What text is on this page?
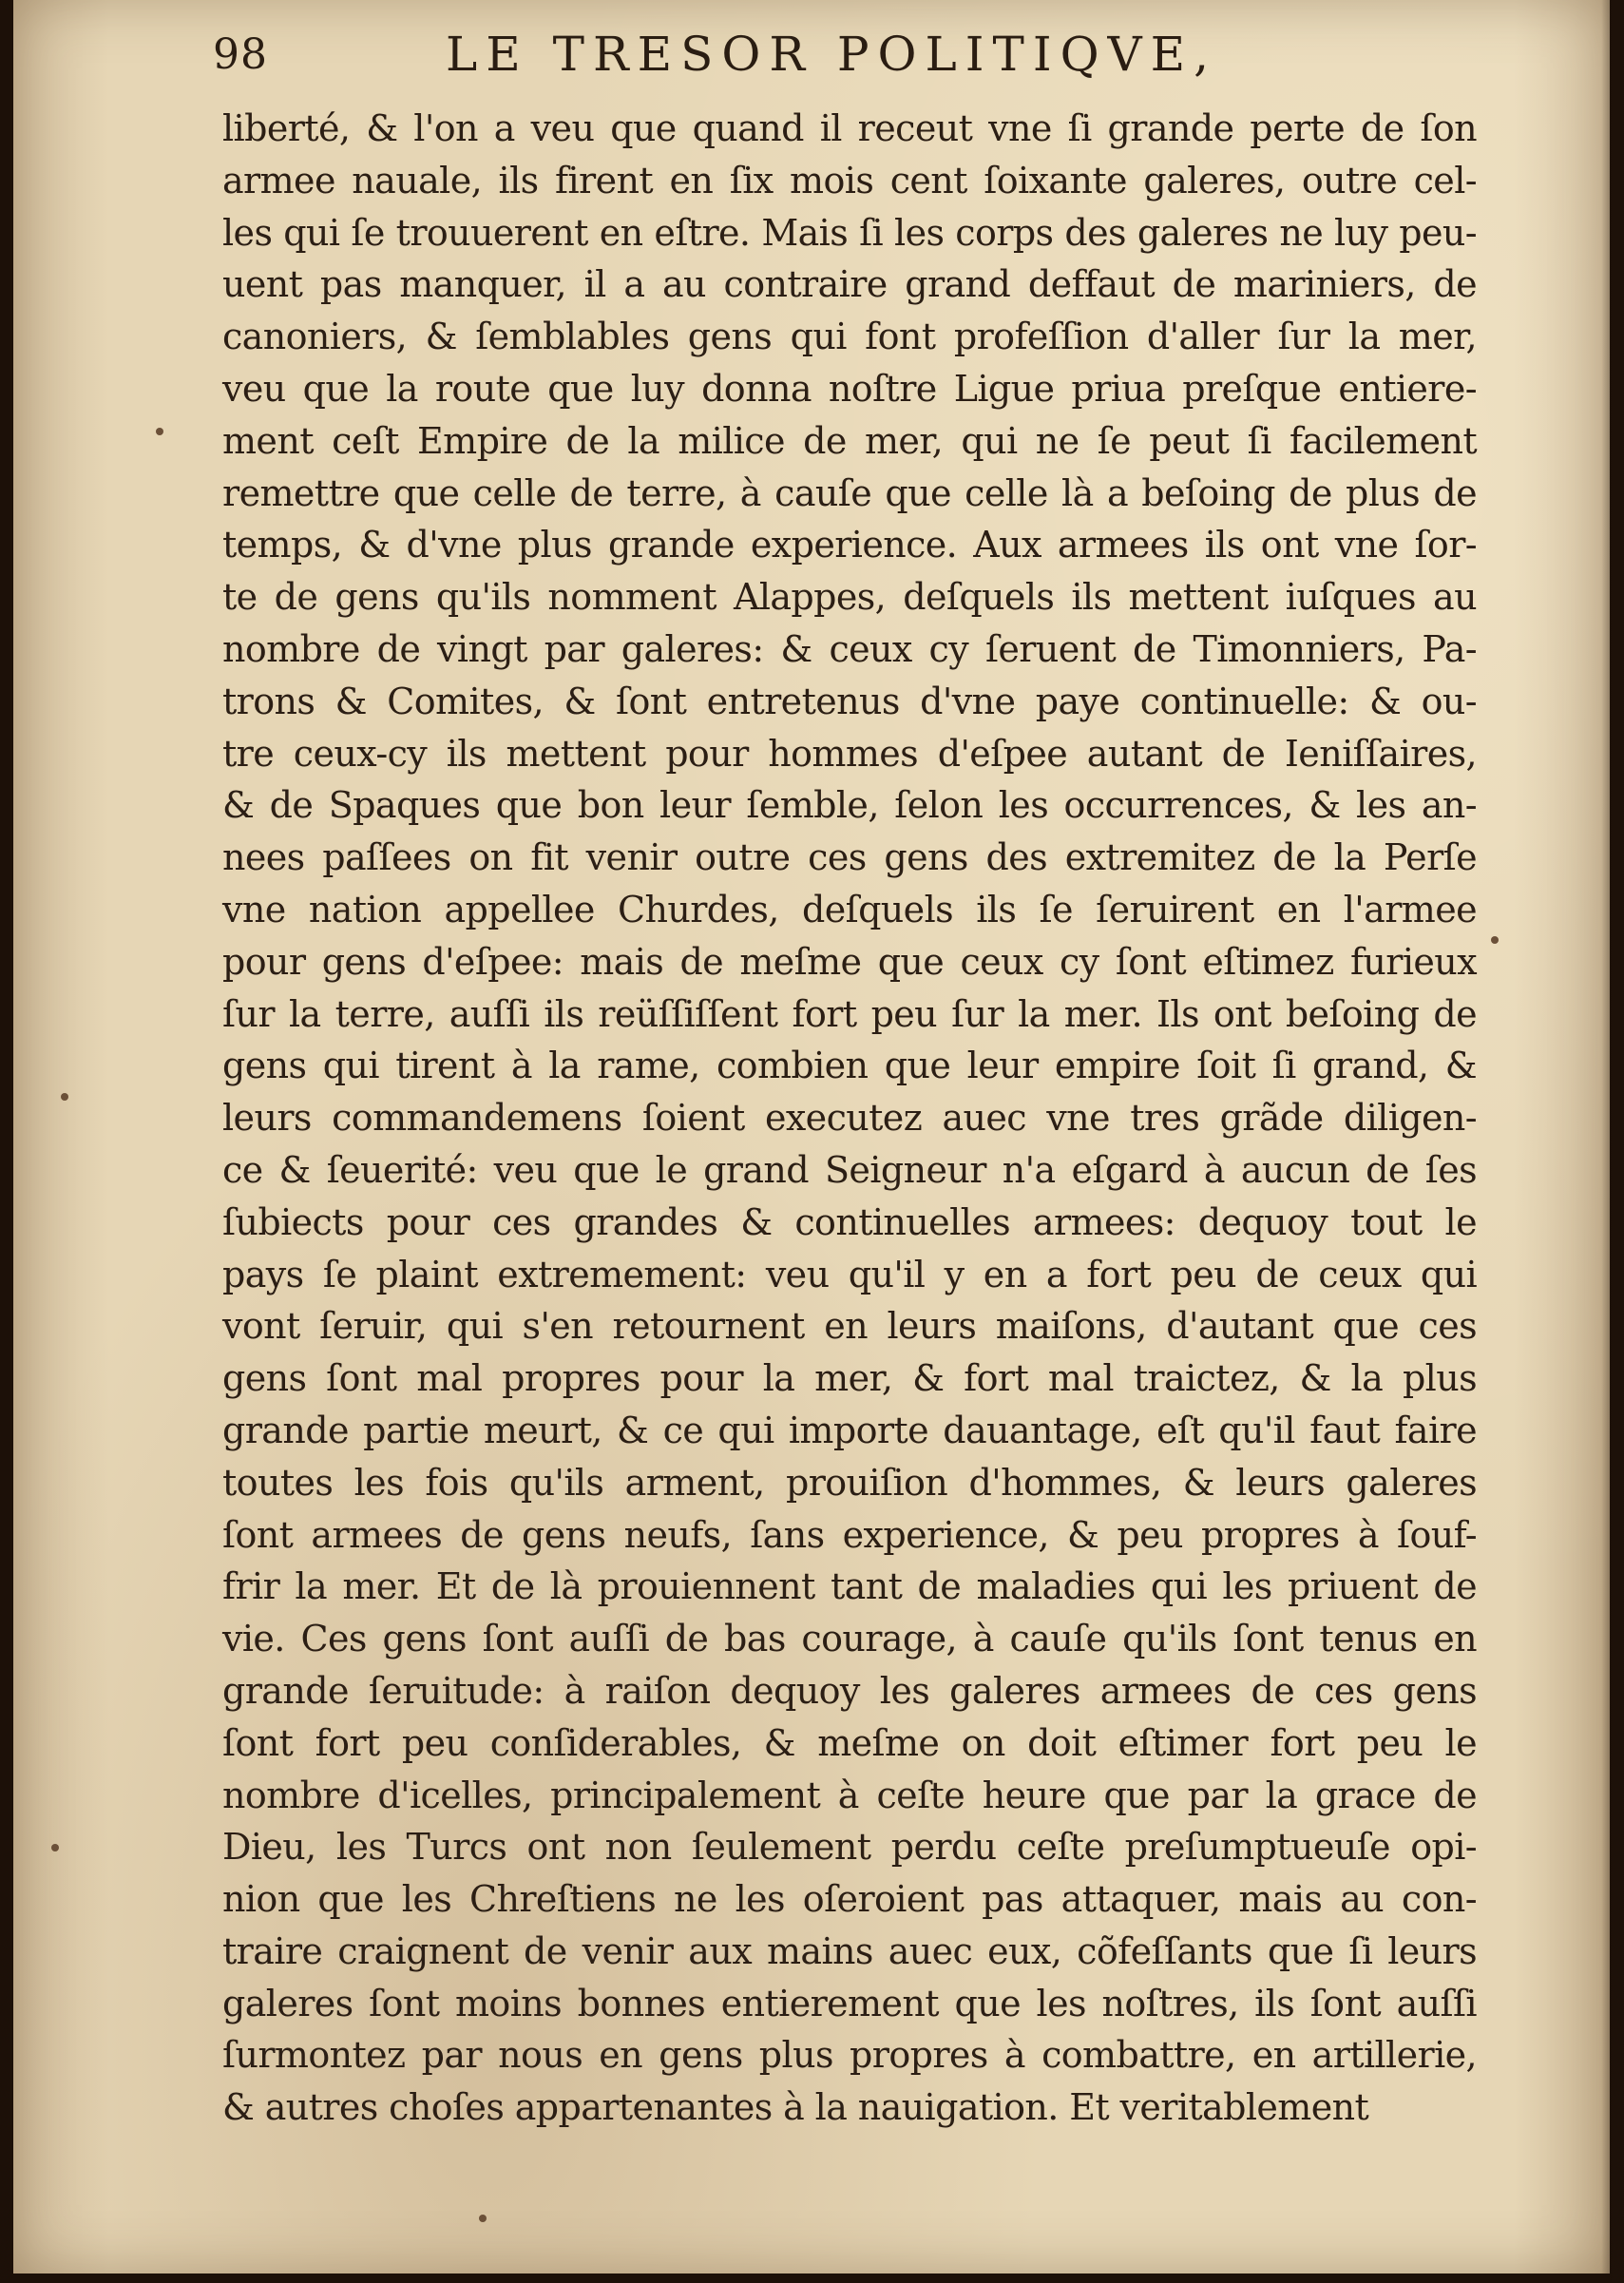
98	LE TRESOR POLITIQVE,
liberté, & l'on a veu que quand il receut vne ſi grande perte de ſon
armee nauale, ils firent en ſix mois cent ſoixante galeres, outre cel-
les qui ſe trouuerent en eſtre. Mais ſi les corps des galeres ne luy peu-
uent pas manquer, il a au contraire grand deffaut de mariniers, de
canoniers, & ſemblables gens qui font profeſſion d'aller ſur la mer,
veu que la route que luy donna noſtre Ligue priua preſque entiere-
ment ceſt Empire de la milice de mer, qui ne ſe peut ſi facilement
remettre que celle de terre, à cauſe que celle là a beſoing de plus de
temps, & d'vne plus grande experience. Aux armees ils ont vne ſor-
te de gens qu'ils nomment Alappes, deſquels ils mettent iuſques au
nombre de vingt par galeres: & ceux cy ſeruent de Timonniers, Pa-
trons & Comites, & ſont entretenus d'vne paye continuelle: & ou-
tre ceux-cy ils mettent pour hommes d'eſpee autant de Ieniſſaires,
& de Spaques que bon leur ſemble, ſelon les occurrences, & les an-
nees paſſees on fit venir outre ces gens des extremitez de la Perſe
vne nation appellee Churdes, deſquels ils ſe ſeruirent en l'armee
pour gens d'eſpee: mais de meſme que ceux cy ſont eſtimez furieux
ſur la terre, auſſi ils reüſſiſſent fort peu ſur la mer. Ils ont beſoing de
gens qui tirent à la rame, combien que leur empire ſoit ſi grand, &
leurs commandemens ſoient executez auec vne tres grãde diligen-
ce & ſeuerité: veu que le grand Seigneur n'a eſgard à aucun de ſes
ſubiects pour ces grandes & continuelles armees: dequoy tout le
pays ſe plaint extremement: veu qu'il y en a fort peu de ceux qui
vont ſeruir, qui s'en retournent en leurs maiſons, d'autant que ces
gens ſont mal propres pour la mer, & fort mal traictez, & la plus
grande partie meurt, & ce qui importe dauantage, eſt qu'il faut faire
toutes les fois qu'ils arment, prouiſion d'hommes, & leurs galeres
ſont armees de gens neufs, ſans experience, & peu propres à ſouf-
frir la mer. Et de là prouiennent tant de maladies qui les priuent de
vie. Ces gens ſont auſſi de bas courage, à cauſe qu'ils ſont tenus en
grande ſeruitude: à raiſon dequoy les galeres armees de ces gens
ſont fort peu conſiderables, & meſme on doit eſtimer fort peu le
nombre d'icelles, principalement à ceſte heure que par la grace de
Dieu, les Turcs ont non ſeulement perdu ceſte preſumptueuſe opi-
nion que les Chreſtiens ne les oſeroient pas attaquer, mais au con-
traire craignent de venir aux mains auec eux, cõfeſſants que ſi leurs
galeres ſont moins bonnes entierement que les noſtres, ils ſont auſſi
ſurmontez par nous en gens plus propres à combattre, en artillerie,
& autres choſes appartenantes à la nauigation. Et veritablement
